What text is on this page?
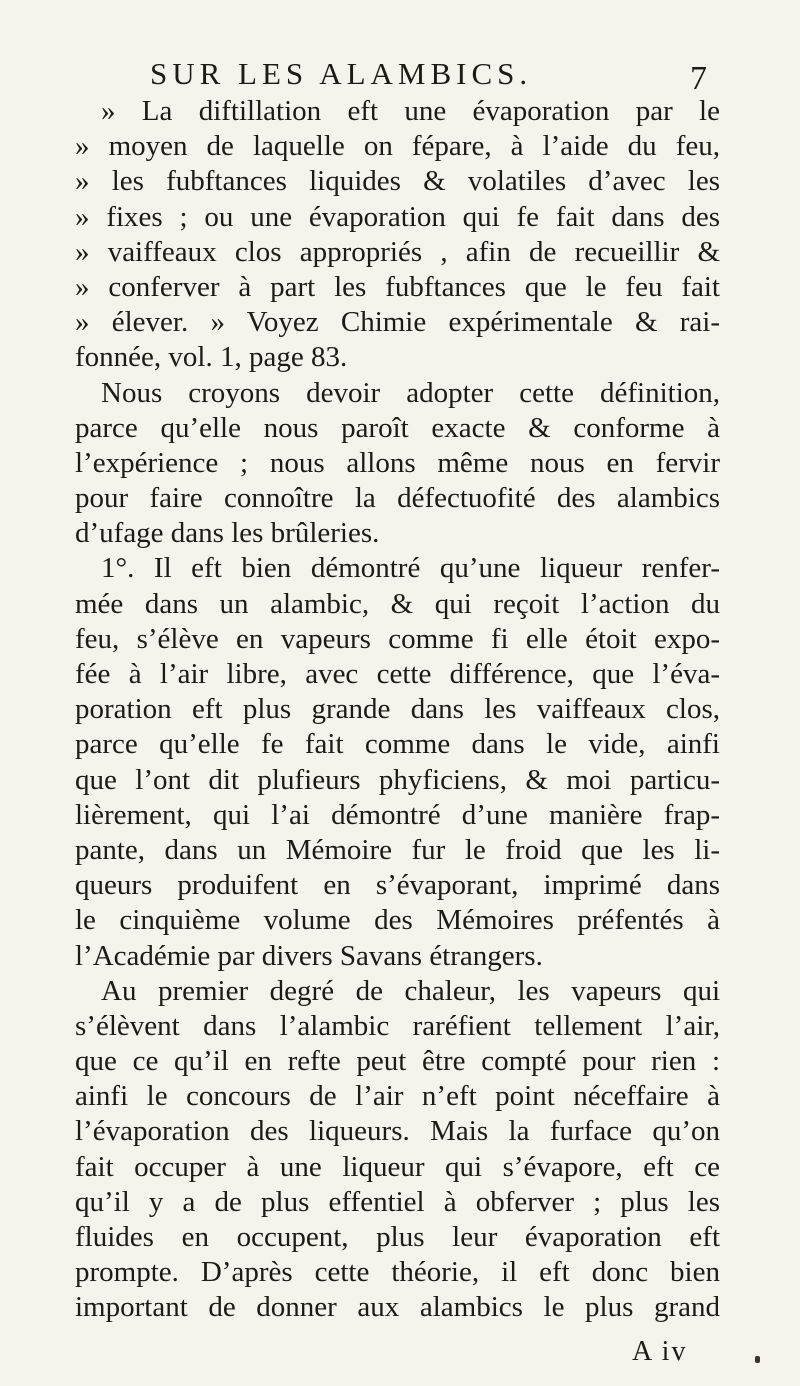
SUR LES ALAMBICS.	7
» La diftillation eft une évaporation par le
» moyen de laquelle on fépare, à l’aide du feu,
» les fubftances liquides & volatiles d’avec les
» fixes ; ou une évaporation qui fe fait dans des
» vaiffeaux clos appropriés , afin de recueillir &
» conferver à part les fubftances que le feu fait
» élever. » Voyez Chimie expérimentale & rai-
fonnée, vol. 1, page 83.
Nous croyons devoir adopter cette définition,
parce qu’elle nous paroît exacte & conforme à
l’expérience ; nous allons même nous en fervir
pour faire connoître la défectuofité des alambics
d’ufage dans les brûleries.
1°. Il eft bien démontré qu’une liqueur renfer-
mée dans un alambic, & qui reçoit l’action du
feu, s’élève en vapeurs comme fi elle étoit expo-
fée à l’air libre, avec cette différence, que l’éva-
poration eft plus grande dans les vaiffeaux clos,
parce qu’elle fe fait comme dans le vide, ainfi
que l’ont dit plufieurs phyficiens, & moi particu-
lièrement, qui l’ai démontré d’une manière frap-
pante, dans un Mémoire fur le froid que les li-
queurs produifent en s’évaporant, imprimé dans
le cinquième volume des Mémoires préfentés à
l’Académie par divers Savans étrangers.
Au premier degré de chaleur, les vapeurs qui
s’élèvent dans l’alambic raréfient tellement l’air,
que ce qu’il en refte peut être compté pour rien :
ainfi le concours de l’air n’eft point néceffaire à
l’évaporation des liqueurs. Mais la furface qu’on
fait occuper à une liqueur qui s’évapore, eft ce
qu’il y a de plus effentiel à obferver ; plus les
fluides en occupent, plus leur évaporation eft
prompte. D’après cette théorie, il eft donc bien
important de donner aux alambics le plus grand
A iv
